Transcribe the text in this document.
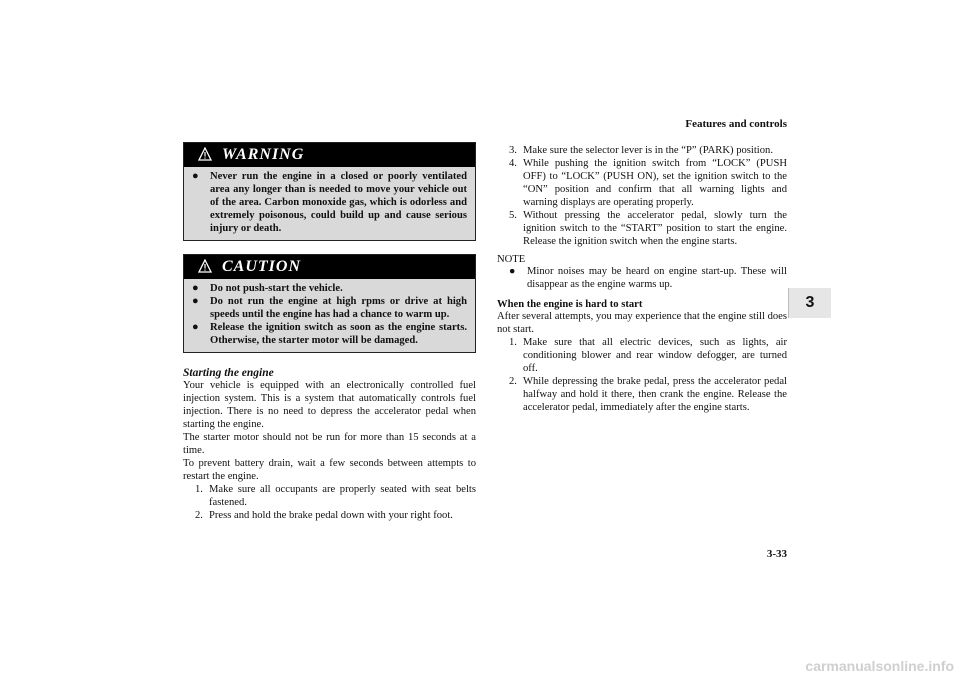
Features and controls
3
3-33
WARNING
●	Never run the engine in a closed or poorly ventilated area any longer than is needed to move your vehicle out of the area. Carbon monoxide gas, which is odorless and extremely poisonous, could build up and cause serious injury or death.
CAUTION
●	Do not push-start the vehicle.
●	Do not run the engine at high rpms or drive at high speeds until the engine has had a chance to warm up.
●	Release the ignition switch as soon as the engine starts. Otherwise, the starter motor will be damaged.
Starting the engine
Your vehicle is equipped with an electronically controlled fuel injection system. This is a system that automatically controls fuel injection. There is no need to depress the accelerator pedal when starting the engine.
The starter motor should not be run for more than 15 seconds at a time.
To prevent battery drain, wait a few seconds between attempts to restart the engine.
1. Make sure all occupants are properly seated with seat belts fastened.
2. Press and hold the brake pedal down with your right foot.
3. Make sure the selector lever is in the “P” (PARK) position.
4. While pushing the ignition switch from “LOCK” (PUSH OFF) to “LOCK” (PUSH ON), set the ignition switch to the “ON” position and confirm that all warning lights and warning displays are operating properly.
5. Without pressing the accelerator pedal, slowly turn the ignition switch to the “START” position to start the engine. Release the ignition switch when the engine starts.
NOTE
●	Minor noises may be heard on engine start-up. These will disappear as the engine warms up.
When the engine is hard to start
After several attempts, you may experience that the engine still does not start.
1. Make sure that all electric devices, such as lights, air conditioning blower and rear window defogger, are turned off.
2. While depressing the brake pedal, press the accelerator pedal halfway and hold it there, then crank the engine. Release the accelerator pedal, immediately after the engine starts.
carmanualsonline.info
